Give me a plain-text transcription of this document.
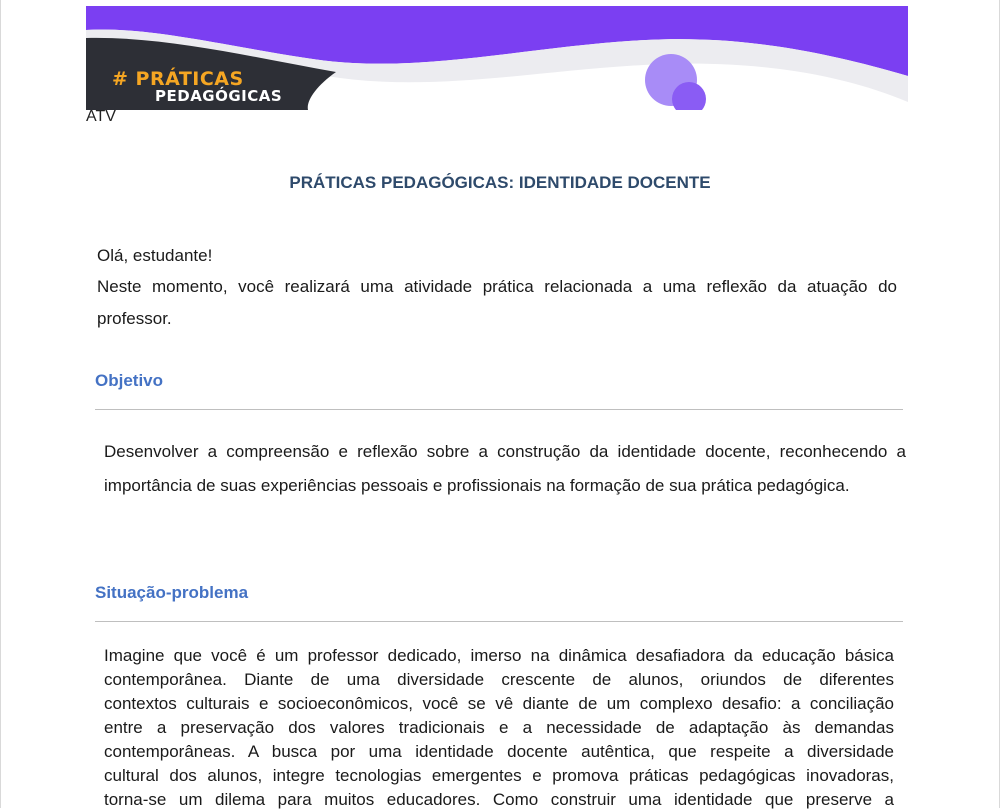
# PRÁTICAS
PEDAGÓGICAS
ATV
PRÁTICAS PEDAGÓGICAS: IDENTIDADE DOCENTE
Olá, estudante!
Neste momento, você realizará uma atividade prática relacionada a uma reflexão da atuação do professor.
Objetivo
Desenvolver a compreensão e reflexão sobre a construção da identidade docente, reconhecendo a importância de suas experiências pessoais e profissionais na formação de sua prática pedagógica.
Situação-problema
Imagine que você é um professor dedicado, imerso na dinâmica desafiadora da educação básica
contemporânea. Diante de uma diversidade crescente de alunos, oriundos de diferentes
contextos culturais e socioeconômicos, você se vê diante de um complexo desafio: a conciliação
entre a preservação dos valores tradicionais e a necessidade de adaptação às demandas
contemporâneas. A busca por uma identidade docente autêntica, que respeite a diversidade
cultural dos alunos, integre tecnologias emergentes e promova práticas pedagógicas inovadoras,
torna-se um dilema para muitos educadores. Como construir uma identidade que preserve a
